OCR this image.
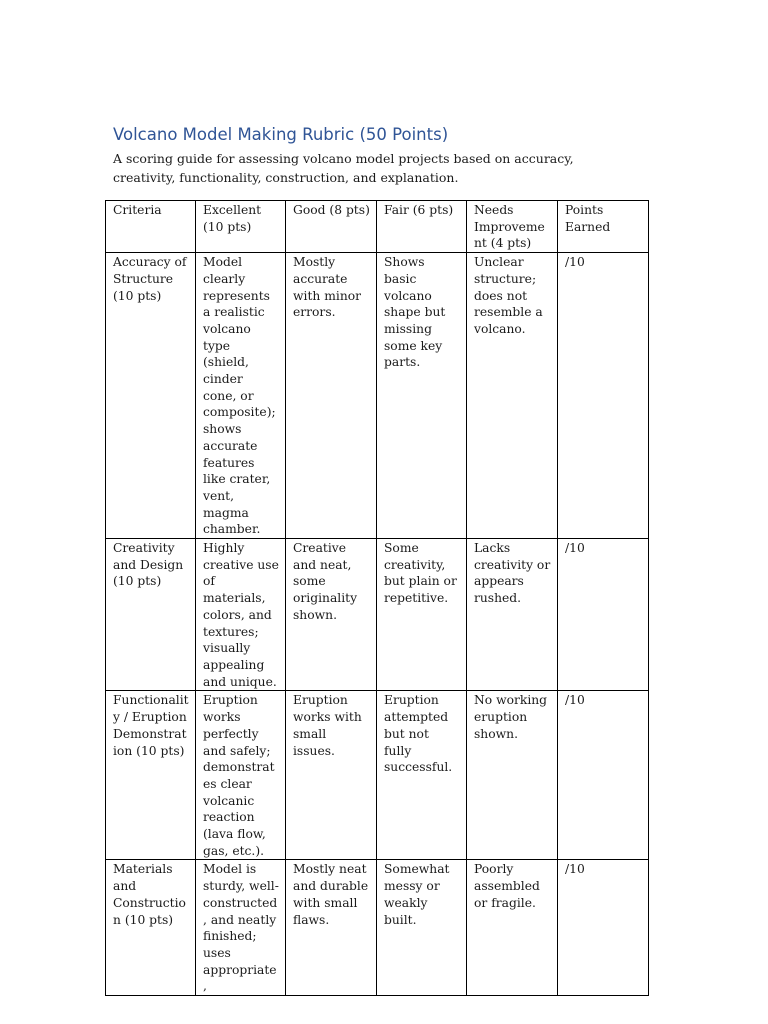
Volcano Model Making Rubric (50 Points)
A scoring guide for assessing volcano model projects based on accuracy, creativity, functionality, construction, and explanation.
Criteria	Excellent (10 pts)	Good (8 pts)	Fair (6 pts)	Needs Improvement (4 pts)	Points Earned
Accuracy of Structure (10 pts)	Model clearly represents a realistic volcano type (shield, cinder cone, or composite); shows accurate features like crater, vent, magma chamber.	Mostly accurate with minor errors.	Shows basic volcano shape but missing some key parts.	Unclear structure; does not resemble a volcano.	/10
Creativity and Design (10 pts)	Highly creative use of materials, colors, and textures; visually appealing and unique.	Creative and neat, some originality shown.	Some creativity, but plain or repetitive.	Lacks creativity or appears rushed.	/10
Functionality / Eruption Demonstration (10 pts)	Eruption works perfectly and safely; demonstrates clear volcanic reaction (lava flow, gas, etc.).	Eruption works with small issues.	Eruption attempted but not fully successful.	No working eruption shown.	/10
Materials and Construction (10 pts)	Model is sturdy, well-constructed, and neatly finished; uses appropriate,	Mostly neat and durable with small flaws.	Somewhat messy or weakly built.	Poorly assembled or fragile.	/10
